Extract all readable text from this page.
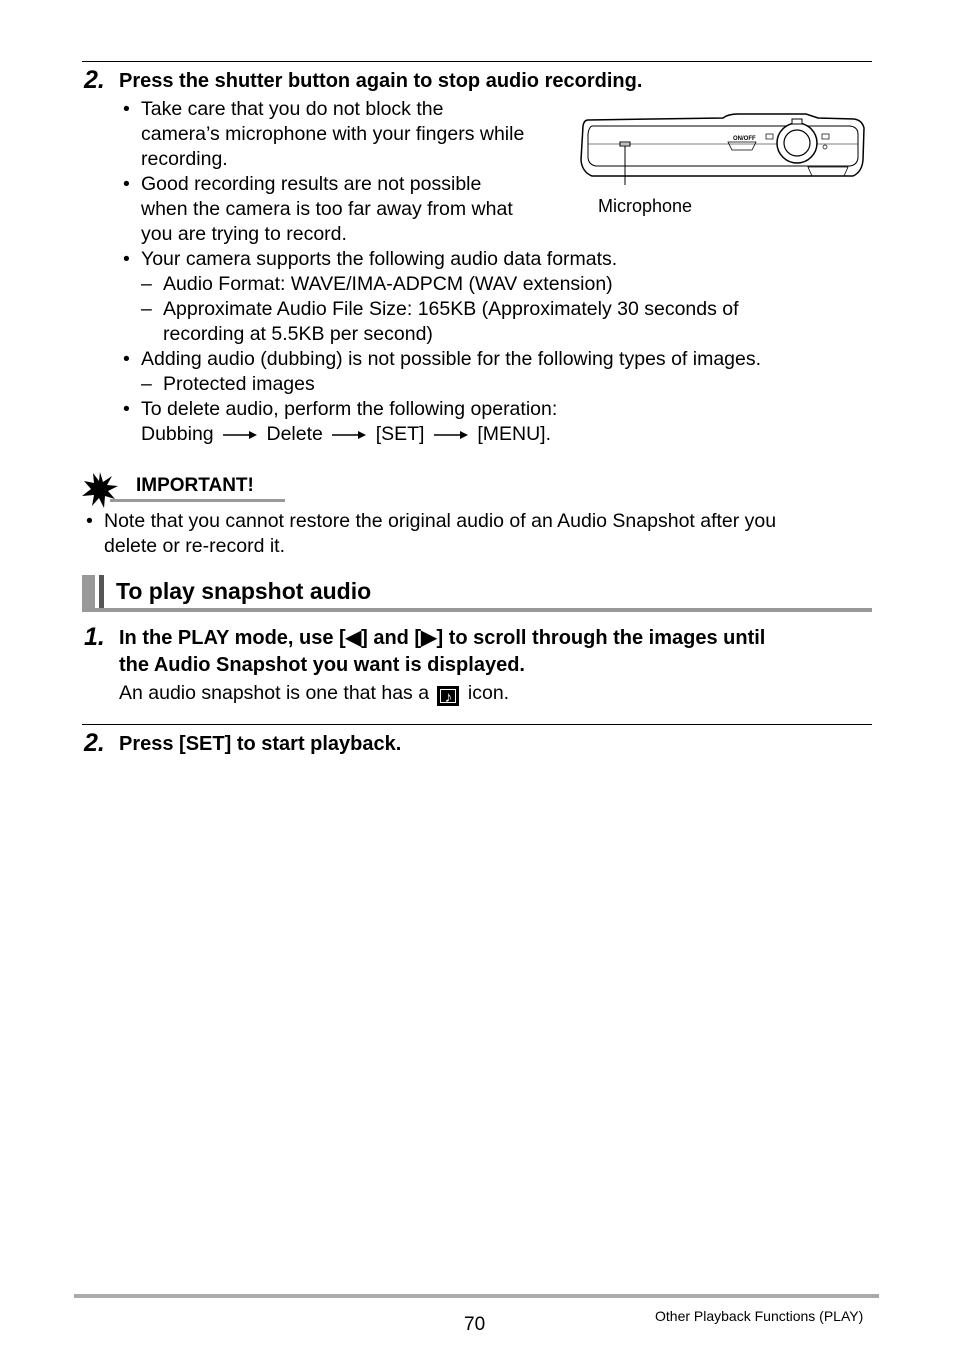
2. Press the shutter button again to stop audio recording.
• Take care that you do not block the
camera’s microphone with your fingers while
recording.
• Good recording results are not possible
when the camera is too far away from what
you are trying to record.
• Your camera supports the following audio data formats.
– Audio Format: WAVE/IMA-ADPCM (WAV extension)
– Approximate Audio File Size: 165KB (Approximately 30 seconds of
recording at 5.5KB per second)
• Adding audio (dubbing) is not possible for the following types of images.
– Protected images
• To delete audio, perform the following operation:
Dubbing	Delete	[SET]	[MENU].
ON/OFF
Microphone
IMPORTANT!
• Note that you cannot restore the original audio of an Audio Snapshot after you
delete or re-record it.
To play snapshot audio
1. In the PLAY mode, use [◀] and [▶] to scroll through the images until
the Audio Snapshot you want is displayed.
An audio snapshot is one that has a ♪ icon.
2. Press [SET] to start playback.
70	Other Playback Functions (PLAY)
